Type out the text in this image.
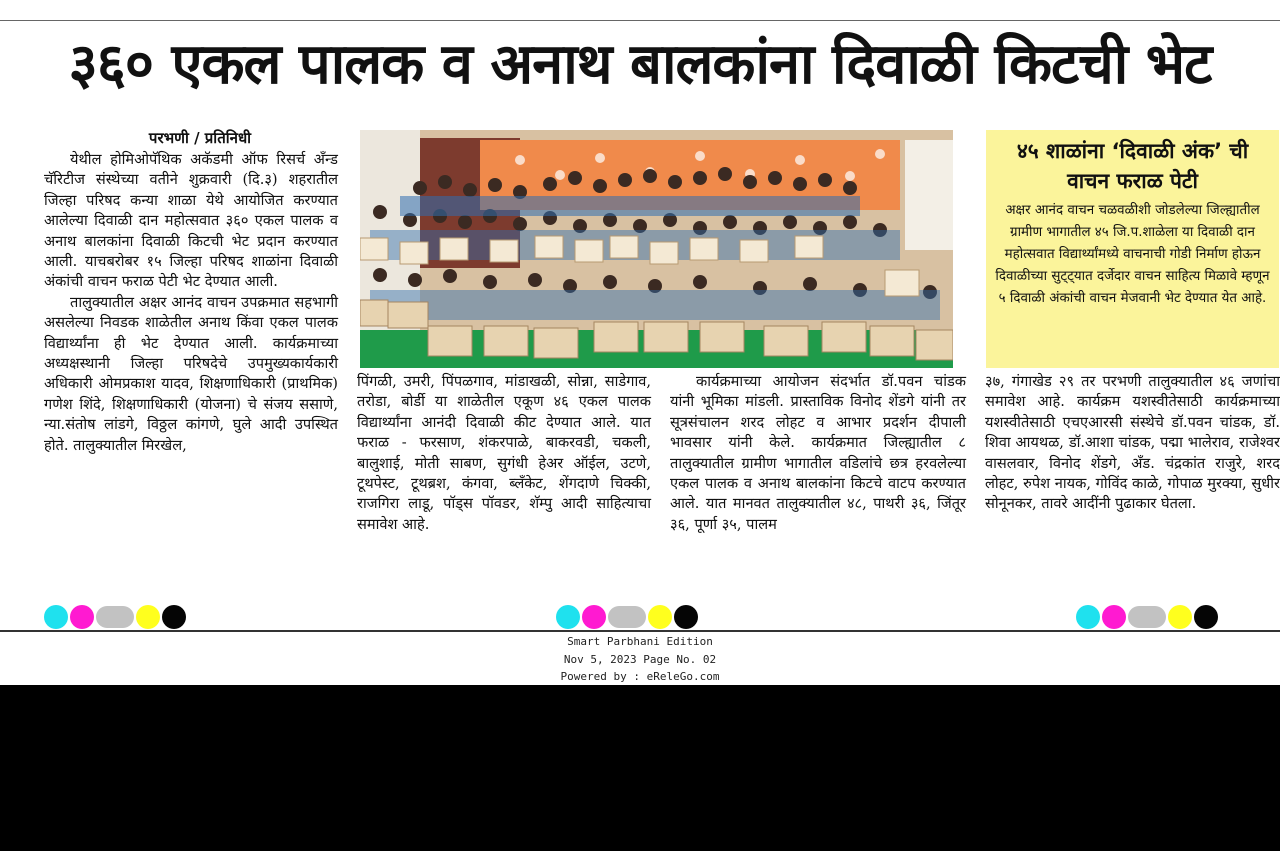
३६० एकल पालक व अनाथ बालकांना दिवाळी किटची भेट
परभणी / प्रतिनिधी

येथील होमिओपॅथिक अकॅडमी ऑफ रिसर्च अँन्ड चॅरिटीज संस्थेच्या वतीने शुक्रवारी (दि.३) शहरातील जिल्हा परिषद कन्या शाळा येथे आयोजित करण्यात आलेल्या दिवाळी दान महोत्सवात ३६० एकल पालक व अनाथ बालकांना दिवाळी किटची भेट प्रदान करण्यात आली. याचबरोबर १५ जिल्हा परिषद शाळांना दिवाळी अंकांची वाचन फराळ पेटी भेट देण्यात आली.

तालुक्यातील अक्षर आनंद वाचन उपक्रमात सहभागी असलेल्या निवडक शाळेतील अनाथ किंवा एकल पालक विद्यार्थ्यांना ही भेट देण्यात आली. कार्यक्रमाच्या अध्यक्षस्थानी जिल्हा परिषदेचे उपमुख्यकार्यकारी अधिकारी ओमप्रकाश यादव, शिक्षणाधिकारी (प्राथमिक) गणेश शिंदे, शिक्षणाधिकारी (योजना) चे संजय ससाणे, न्या.संतोष लांडगे, विठ्ठल कांगणे, घुले आदी उपस्थित होते. तालुक्यातील मिरखेल,

४५ शाळांना ‘दिवाळी अंक’ ची
वाचन फराळ पेटी
अक्षर आनंद वाचन चळवळीशी जोडलेल्या जिल्ह्यातील ग्रामीण भागातील ४५ जि.प.शाळेला या दिवाळी दान महोत्सवात विद्यार्थ्यांमध्ये वाचनाची गोडी निर्माण होऊन दिवाळीच्या सुट्ट्यात दर्जेदार वाचन साहित्य मिळावे म्हणून ५ दिवाळी अंकांची वाचन मेजवानी भेट देण्यात येत आहे.

पिंगळी, उमरी, पिंपळगाव, मांडाखळी, सोन्ना, साडेगाव, तरोडा, बोर्डी या शाळेतील एकूण ४६ एकल पालक विद्यार्थ्यांना आनंदी दिवाळी कीट देण्यात आले. यात फराळ - फरसाण, शंकरपाळे, बाकरवडी, चकली, बालुशाई, मोती साबण, सुगंधी हेअर ऑईल, उटणे, टूथपेस्ट, टूथब्रश, कंगवा, ब्लँकेट, शेंगदाणे चिक्की, राजगिरा लाडू, पॉड्स पॉवडर, शॅम्पु आदी साहित्याचा समावेश आहे.

कार्यक्रमाच्या आयोजन संदर्भात डॉ.पवन चांडक यांनी भूमिका मांडली. प्रास्ताविक विनोद शेंडगे यांनी तर सूत्रसंचालन शरद लोहट व आभार प्रदर्शन दीपाली भावसार यांनी केले. कार्यक्रमात जिल्ह्यातील ८ तालुक्यातील ग्रामीण भागातील वडिलांचे छत्र हरवलेल्या एकल पालक व अनाथ बालकांना किटचे वाटप करण्यात आले. यात मानवत तालुक्यातील ४८, पाथरी ३६, जिंतूर ३६, पूर्णा ३५, पालम

३७, गंगाखेड २९ तर परभणी तालुक्यातील ४६ जणांचा समावेश आहे. कार्यक्रम यशस्वीतेसाठी कार्यक्रमाच्या यशस्वीतेसाठी एचएआरसी संस्थेचे डॉ.पवन चांडक, डॉ. शिवा आयथळ, डॉ.आशा चांडक, पद्मा भालेराव, राजेश्वर वासलवार, विनोद शेंडगे, अँड. चंद्रकांत राजुरे, शरद लोहट, रुपेश नायक, गोविंद काळे, गोपाळ मुरक्या, सुधीर सोनूनकर, तावरे आदींनी पुढाकार घेतला.

Smart Parbhani Edition
Nov 5, 2023 Page No. 02
Powered by : eReleGo.com
